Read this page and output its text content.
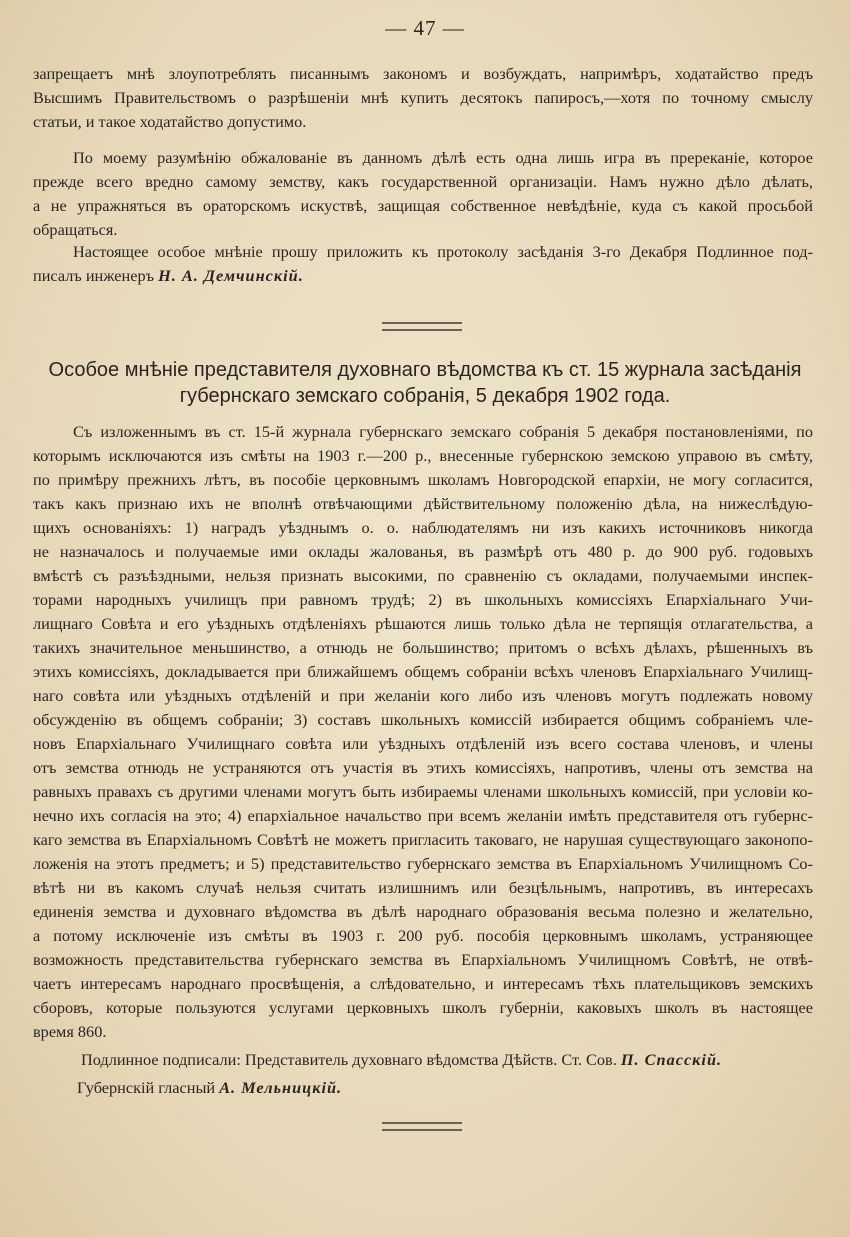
— 47 —
запрещаетъ мнѣ злоупотреблять писаннымъ закономъ и возбуждать, напримѣръ, ходатайство предъ
Высшимъ Правительствомъ о разрѣшеніи мнѣ купить десятокъ папиросъ,—хотя по точному смыслу
статьи, и такое ходатайство допустимо.
По моему разумѣнію обжалованіе въ данномъ дѣлѣ есть одна лишь игра въ пререканіе, которое
прежде всего вредно самому земству, какъ государственной организаціи. Намъ нужно дѣло дѣлать,
а не упражняться въ ораторскомъ искуствѣ, защищая собственное невѣдѣніе, куда съ какой просьбой
обращаться.
Настоящее особое мнѣніе прошу приложить къ протоколу засѣданія 3-го Декабря Подлинное под-
писалъ инженеръ Н. А. Демчинскій.
Особое мнѣніе представителя духовнаго вѣдомства къ ст. 15 журнала засѣданія
губернскаго земскаго собранія, 5 декабря 1902 года.
Съ изложеннымъ въ ст. 15-й журнала губернскаго земскаго собранія 5 декабря постановленіями, по
которымъ исключаются изъ смѣты на 1903 г.—200 р., внесенные губернскою земскою управою въ смѣту,
по примѣру прежнихъ лѣтъ, въ пособіе церковнымъ школамъ Новгородской епархіи, не могу согласится,
такъ какъ признаю ихъ не вполнѣ отвѣчающими дѣйствительному положенію дѣла, на нижеслѣдую-
щихъ основаніяхъ: 1) наградъ уѣзднымъ о. о. наблюдателямъ ни изъ какихъ источниковъ никогда
не назначалось и получаемые ими оклады жалованья, въ размѣрѣ отъ 480 р. до 900 руб. годовыхъ
вмѣстѣ съ разъѣздными, нельзя признать высокими, по сравненію съ окладами, получаемыми инспек-
торами народныхъ училищъ при равномъ трудѣ; 2) въ школьныхъ комиссіяхъ Епархіальнаго Учи-
лищнаго Совѣта и его уѣздныхъ отдѣленіяхъ рѣшаются лишь только дѣла не терпящія отлагательства, а
такихъ значительное меньшинство, а отнюдь не большинство; притомъ о всѣхъ дѣлахъ, рѣшенныхъ въ
этихъ комиссіяхъ, докладывается при ближайшемъ общемъ собраніи всѣхъ членовъ Епархіальнаго Училищ-
наго совѣта или уѣздныхъ отдѣленій и при желаніи кого либо изъ членовъ могутъ подлежать новому
обсужденію въ общемъ собраніи; 3) составъ школьныхъ комиссій избирается общимъ собраніемъ чле-
новъ Епархіальнаго Училищнаго совѣта или уѣздныхъ отдѣленій изъ всего состава членовъ, и члены
отъ земства отнюдь не устраняются отъ участія въ этихъ комиссіяхъ, напротивъ, члены отъ земства на
равныхъ правахъ съ другими членами могутъ быть избираемы членами школьныхъ комиссій, при условіи ко-
нечно ихъ согласія на это; 4) епархіальное начальство при всемъ желаніи имѣть представителя отъ губернс-
каго земства въ Епархіальномъ Совѣтѣ не можетъ пригласить таковаго, не нарушая существующаго законопо-
ложенія на этотъ предметъ; и 5) представительство губернскаго земства въ Епархіальномъ Училищномъ Со-
вѣтѣ ни въ какомъ случаѣ нельзя считать излишнимъ или безцѣльнымъ, напротивъ, въ интересахъ
единенія земства и духовнаго вѣдомства въ дѣлѣ народнаго образованія весьма полезно и желательно,
а потому исключеніе изъ смѣты въ 1903 г. 200 руб. пособія церковнымъ школамъ, устраняющее
возможность представительства губернскаго земства въ Епархіальномъ Училищномъ Совѣтѣ, не отвѣ-
чаетъ интересамъ народнаго просвѣщенія, а слѣдовательно, и интересамъ тѣхъ плательщиковъ земскихъ
сборовъ, которые пользуются услугами церковныхъ школъ губерніи, каковыхъ школъ въ настоящее
время 860.
Подлинное подписали: Представитель духовнаго вѣдомства Дѣйств. Ст. Сов. П. Спасскій.
Губернскій гласный А. Мельницкій.
